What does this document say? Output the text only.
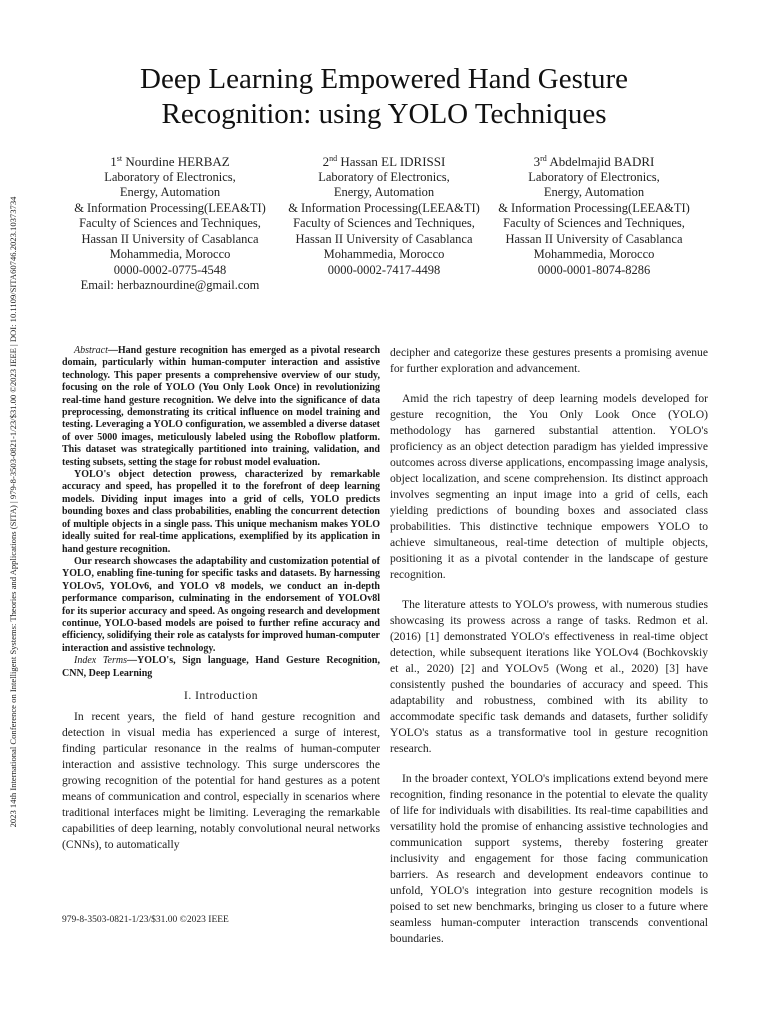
2023 14th International Conference on Intelligent Systems: Theories and Applications (SITA) | 979-8-3503-0821-1/23/$31.00 ©2023 IEEE | DOI: 10.1109/SITA60746.2023.10373734
Deep Learning Empowered Hand Gesture Recognition: using YOLO Techniques
1st Nourdine HERBAZ
Laboratory of Electronics,
Energy, Automation
& Information Processing(LEEA&TI)
Faculty of Sciences and Techniques,
Hassan II University of Casablanca
Mohammedia, Morocco
0000-0002-0775-4548
Email: herbaznourdine@gmail.com
2nd Hassan EL IDRISSI
Laboratory of Electronics,
Energy, Automation
& Information Processing(LEEA&TI)
Faculty of Sciences and Techniques,
Hassan II University of Casablanca
Mohammedia, Morocco
0000-0002-7417-4498
3rd Abdelmajid BADRI
Laboratory of Electronics,
Energy, Automation
& Information Processing(LEEA&TI)
Faculty of Sciences and Techniques,
Hassan II University of Casablanca
Mohammedia, Morocco
0000-0001-8074-8286

Abstract—Hand gesture recognition has emerged as a pivotal research domain, particularly within human-computer interaction and assistive technology. This paper presents a comprehensive overview of our study, focusing on the role of YOLO (You Only Look Once) in revolutionizing real-time hand gesture recognition. We delve into the significance of data preprocessing, demonstrating its critical influence on model training and testing. Leveraging a YOLO configuration, we assembled a diverse dataset of over 5000 images, meticulously labeled using the Roboflow platform. This dataset was strategically partitioned into training, validation, and testing subsets, setting the stage for robust model evaluation.

YOLO's object detection prowess, characterized by remarkable accuracy and speed, has propelled it to the forefront of deep learning models. Dividing input images into a grid of cells, YOLO predicts bounding boxes and class probabilities, enabling the concurrent detection of multiple objects in a single pass. This unique mechanism makes YOLO ideally suited for real-time applications, exemplified by its application in hand gesture recognition.

Our research showcases the adaptability and customization potential of YOLO, enabling fine-tuning for specific tasks and datasets. By harnessing YOLOv5, YOLOv6, and YOLO v8 models, we conduct an in-depth performance comparison, culminating in the endorsement of YOLOv8l for its superior accuracy and speed. As ongoing research and development continue, YOLO-based models are poised to further refine accuracy and efficiency, solidifying their role as catalysts for improved human-computer interaction and assistive technology.

Index Terms—YOLO's, Sign language, Hand Gesture Recognition, CNN, Deep Learning

I. Introduction

In recent years, the field of hand gesture recognition and detection in visual media has experienced a surge of interest, finding particular resonance in the realms of human-computer interaction and assistive technology. This surge underscores the growing recognition of the potential for hand gestures as a potent means of communication and control, especially in scenarios where traditional interfaces might be limiting. Leveraging the remarkable capabilities of deep learning, notably convolutional neural networks (CNNs), to automatically

decipher and categorize these gestures presents a promising avenue for further exploration and advancement.

Amid the rich tapestry of deep learning models developed for gesture recognition, the You Only Look Once (YOLO) methodology has garnered substantial attention. YOLO's proficiency as an object detection paradigm has yielded impressive outcomes across diverse applications, encompassing image analysis, object localization, and scene comprehension. Its distinct approach involves segmenting an input image into a grid of cells, each yielding predictions of bounding boxes and associated class probabilities. This distinctive technique empowers YOLO to achieve simultaneous, real-time detection of multiple objects, positioning it as a pivotal contender in the landscape of gesture recognition.

The literature attests to YOLO's prowess, with numerous studies showcasing its prowess across a range of tasks. Redmon et al. (2016) [1] demonstrated YOLO's effectiveness in real-time object detection, while subsequent iterations like YOLOv4 (Bochkovskiy et al., 2020) [2] and YOLOv5 (Wong et al., 2020) [3] have consistently pushed the boundaries of accuracy and speed. This adaptability and robustness, combined with its ability to accommodate specific task demands and datasets, further solidify YOLO's status as a transformative tool in gesture recognition research.

In the broader context, YOLO's implications extend beyond mere recognition, finding resonance in the potential to elevate the quality of life for individuals with disabilities. Its real-time capabilities and versatility hold the promise of enhancing assistive technologies and communication support systems, thereby fostering greater inclusivity and engagement for those facing communication barriers. As research and development endeavors continue to unfold, YOLO's integration into gesture recognition models is poised to set new benchmarks, bringing us closer to a future where seamless human-computer interaction transcends conventional boundaries.

979-8-3503-0821-1/23/$31.00 ©2023 IEEE
